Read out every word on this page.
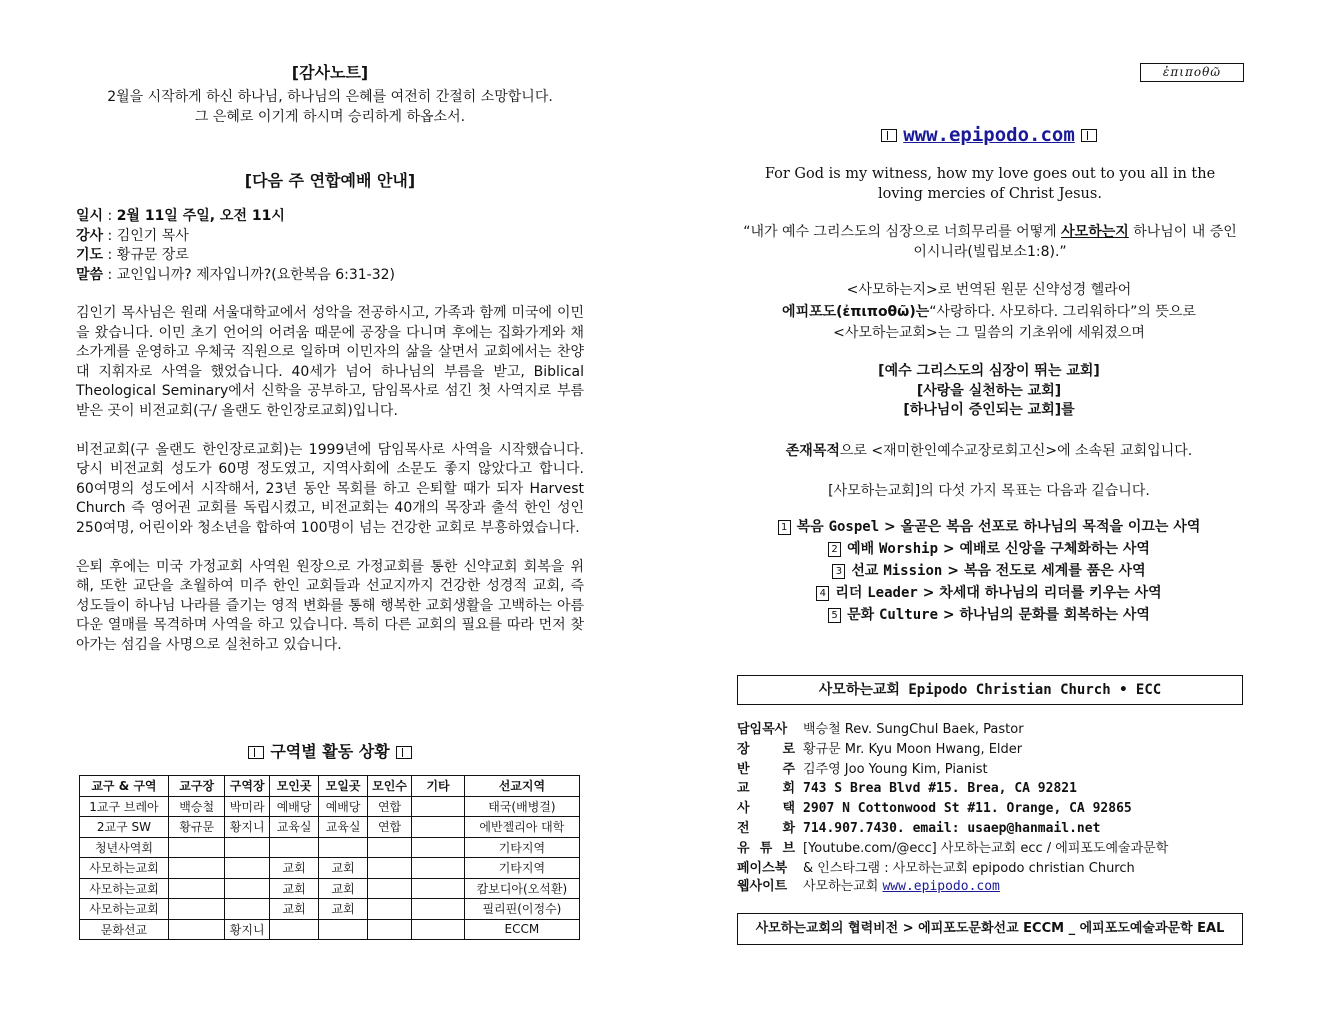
[감사노트]
2월을 시작하게 하신 하나님, 하나님의 은혜를 여전히 간절히 소망합니다.
그 은혜로 이기게 하시며 승리하게 하옵소서.
[다음 주 연합예배 안내]
일시 : 2월 11일 주일, 오전 11시
강사 : 김인기 목사
기도 : 황규문 장로
말씀 : 교인입니까? 제자입니까?(요한복음 6:31-32)

김인기 목사님은 원래 서울대학교에서 성악을 전공하시고, 가족과 함께 미국에 이민을 왔습니다. 이민 초기 언어의 어려움 때문에 공장을 다니며 후에는 집화가게와 채소가게를 운영하고 우체국 직원으로 일하며 이민자의 삶을 살면서 교회에서는 찬양대 지휘자로 사역을 했었습니다. 40세가 넘어 하나님의 부름을 받고, Biblical Theological Seminary에서 신학을 공부하고, 담임목사로 섬긴 첫 사역지로 부름 받은 곳이 비전교회(구/ 올랜도 한인장로교회)입니다.

비전교회(구 올랜도 한인장로교회)는 1999년에 담임목사로 사역을 시작했습니다. 당시 비전교회 성도가 60명 정도였고, 지역사회에 소문도 좋지 않았다고 합니다. 60여명의 성도에서 시작해서, 23년 동안 목회를 하고 은퇴할 때가 되자 Harvest Church 즉 영어권 교회를 독립시켰고, 비전교회는 40개의 목장과 출석 한인 성인 250여명, 어린이와 청소년을 합하여 100명이 넘는 건강한 교회로 부흥하였습니다.

은퇴 후에는 미국 가정교회 사역원 원장으로 가정교회를 통한 신약교회 회복을 위해, 또한 교단을 초월하여 미주 한인 교회들과 선교지까지 건강한 성경적 교회, 즉 성도들이 하나님 나라를 즐기는 영적 변화를 통해 행복한 교회생활을 고백하는 아름다운 열매를 목격하며 사역을 하고 있습니다. 특히 다른 교회의 필요를 따라 먼저 찾아가는 섬김을 사명으로 실천하고 있습니다.

구역별 활동 상황
교구 & 구역	교구장	구역장	모인곳	모일곳	모인수	기타	선교지역
1교구 브레아	백승철	박미라	예배당	예배당	연합		태국(배병걸)
2교구 SW	황규문	황지니	교육실	교육실	연합		에반젤리아 대학
청년사역회							기타지역
사모하는교회			교회	교회			기타지역
사모하는교회			교회	교회			캄보디아(오석환)
사모하는교회			교회	교회			필리핀(이정수)
문화선교		황지니					ECCM
ἐπιποθῶ
www.epipodo.com
For God is my witness, how my love goes out to you all in the loving mercies of Christ Jesus.
“내가 예수 그리스도의 심장으로 너희무리를 어떻게 사모하는지 하나님이 내 증인이시니라(빌립보소1:8).”
<사모하는지>로 번역된 원문 신약성경 헬라어
에피포도(ἐπιποθῶ)는“사랑하다. 사모하다. 그리워하다”의 뜻으로
<사모하는교회>는 그 밀씀의 기초위에 세워졌으며
[예수 그리스도의 심장이 뛰는 교회]
[사랑을 실천하는 교회]
[하나님이 증인되는 교회]를
존재목적으로 <재미한인예수교장로회고신>에 소속된 교회입니다.
[사모하는교회]의 다섯 가지 목표는 다음과 깉습니다.
1 복음 Gospel > 올곧은 복음 선포로 하나님의 목적을 이끄는 사역
2 예배 Worship > 예배로 신앙을 구체화하는 사역
3 선교 Mission > 복음 전도로 세계를 품은 사역
4 리더 Leader > 차세대 하나님의 리더를 키우는 사역
5 문화 Culture > 하나님의 문화를 회복하는 사역
사모하는교회 Epipodo Christian Church • ECC
담임목사	백승철 Rev. SungChul Baek, Pastor
장	로 황규문 Mr. Kyu Moon Hwang, Elder
반	주 김주영 Joo Young Kim, Pianist
교	회 743 S Brea Blvd #15. Brea, CA 92821
사	택 2907 N Cottonwood St #11. Orange, CA 92865
전	화 714.907.7430. email: usaep@hanmail.net
유 튜 브 [Youtube.com/@ecc] 사모하는교회 ecc / 에피포도예술과문학
페이스북	& 인스타그램 : 사모하는교회 epipodo christian Church
웹사이트	사모하는교회 www.epipodo.com
사모하는교회의 협력비전 > 에피포도문화선교 ECCM _ 에피포도예술과문학 EAL
